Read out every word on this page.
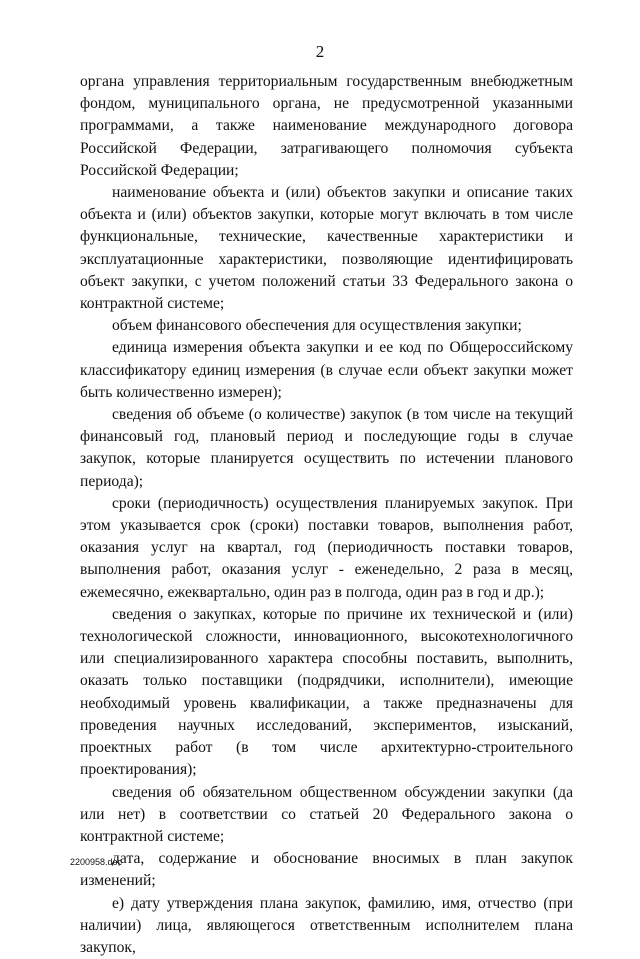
2

органа управления территориальным государственным внебюджетным фондом, муниципального органа, не предусмотренной указанными программами, а также наименование международного договора Российской Федерации, затрагивающего полномочия субъекта Российской Федерации;

наименование объекта и (или) объектов закупки и описание таких объекта и (или) объектов закупки, которые могут включать в том числе функциональные, технические, качественные характеристики и эксплуатационные характеристики, позволяющие идентифицировать объект закупки, с учетом положений статьи 33 Федерального закона о контрактной системе;

объем финансового обеспечения для осуществления закупки;

единица измерения объекта закупки и ее код по Общероссийскому классификатору единиц измерения (в случае если объект закупки может быть количественно измерен);

сведения об объеме (о количестве) закупок (в том числе на текущий финансовый год, плановый период и последующие годы в случае закупок, которые планируется осуществить по истечении планового периода);

сроки (периодичность) осуществления планируемых закупок. При этом указывается срок (сроки) поставки товаров, выполнения работ, оказания услуг на квартал, год (периодичность поставки товаров, выполнения работ, оказания услуг - еженедельно, 2 раза в месяц, ежемесячно, ежеквартально, один раз в полгода, один раз в год и др.);

сведения о закупках, которые по причине их технической и (или) технологической сложности, инновационного, высокотехнологичного или специализированного характера способны поставить, выполнить, оказать только поставщики (подрядчики, исполнители), имеющие необходимый уровень квалификации, а также предназначены для проведения научных исследований, экспериментов, изысканий, проектных работ (в том числе архитектурно-строительного проектирования);

сведения об обязательном общественном обсуждении закупки (да или нет) в соответствии со статьей 20 Федерального закона о контрактной системе;

дата, содержание и обоснование вносимых в план закупок изменений;

е) дату утверждения плана закупок, фамилию, имя, отчество (при наличии) лица, являющегося ответственным исполнителем плана закупок,

2200958.doc
